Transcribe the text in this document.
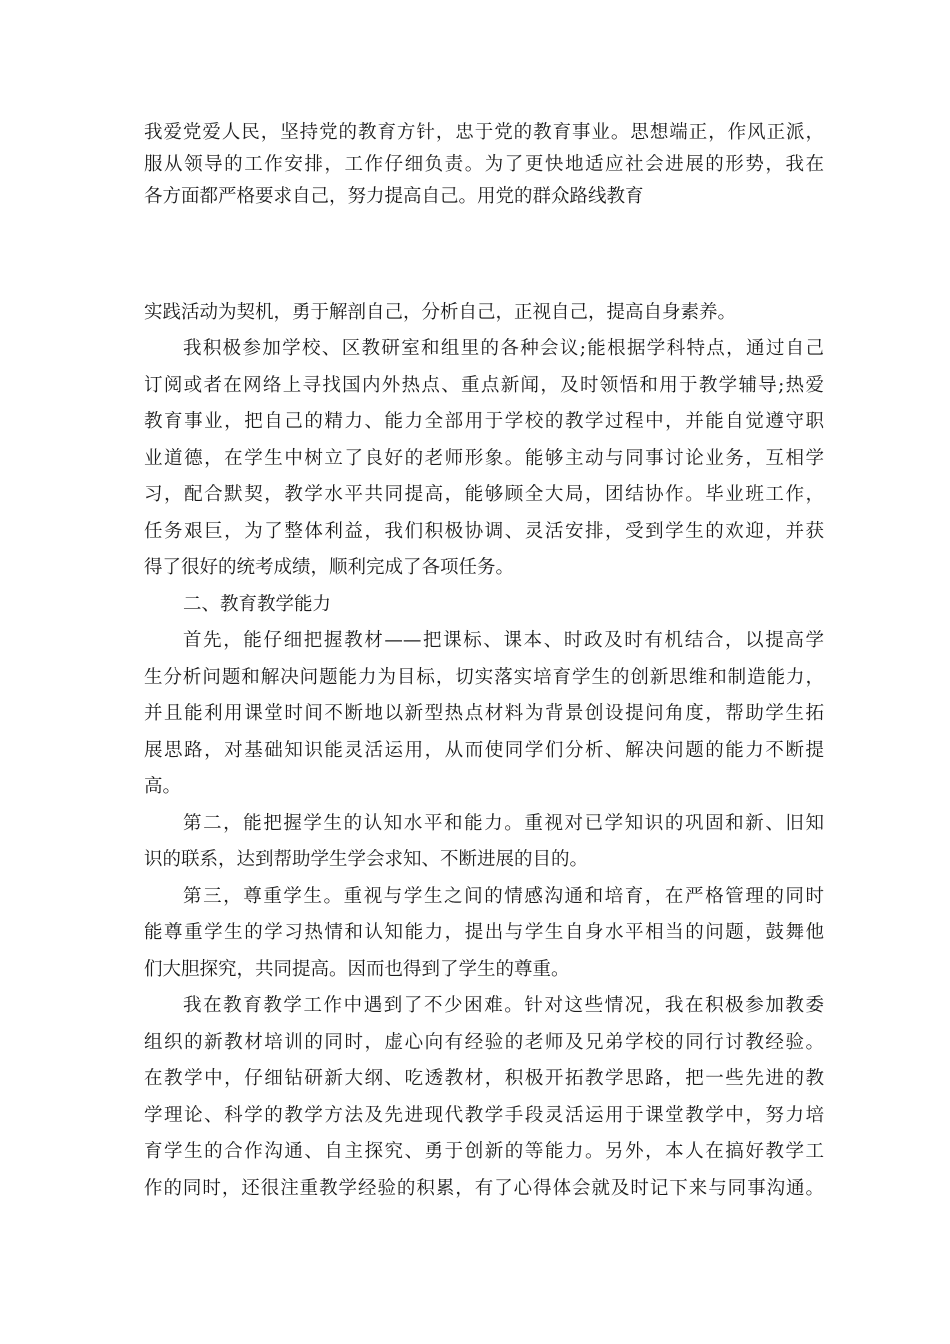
我爱党爱人民，坚持党的教育方针，忠于党的教育事业。思想端正，作风正派，
服从领导的工作安排，工作仔细负责。为了更快地适应社会进展的形势，我在
各方面都严格要求自己，努力提高自己。用党的群众路线教育
实践活动为契机，勇于解剖自己，分析自己，正视自己，提高自身素养。
我积极参加学校、区教研室和组里的各种会议;能根据学科特点，通过自己
订阅或者在网络上寻找国内外热点、重点新闻，及时领悟和用于教学辅导;热爱
教育事业，把自己的精力、能力全部用于学校的教学过程中，并能自觉遵守职
业道德，在学生中树立了良好的老师形象。能够主动与同事讨论业务，互相学
习，配合默契，教学水平共同提高，能够顾全大局，团结协作。毕业班工作，
任务艰巨，为了整体利益，我们积极协调、灵活安排，受到学生的欢迎，并获
得了很好的统考成绩，顺利完成了各项任务。
二、教育教学能力
首先，能仔细把握教材——把课标、课本、时政及时有机结合，以提高学
生分析问题和解决问题能力为目标，切实落实培育学生的创新思维和制造能力，
并且能利用课堂时间不断地以新型热点材料为背景创设提问角度，帮助学生拓
展思路，对基础知识能灵活运用，从而使同学们分析、解决问题的能力不断提
高。
第二，能把握学生的认知水平和能力。重视对已学知识的巩固和新、旧知
识的联系，达到帮助学生学会求知、不断进展的目的。
第三，尊重学生。重视与学生之间的情感沟通和培育，在严格管理的同时
能尊重学生的学习热情和认知能力，提出与学生自身水平相当的问题，鼓舞他
们大胆探究，共同提高。因而也得到了学生的尊重。
我在教育教学工作中遇到了不少困难。针对这些情况，我在积极参加教委
组织的新教材培训的同时，虚心向有经验的老师及兄弟学校的同行讨教经验。
在教学中，仔细钻研新大纲、吃透教材，积极开拓教学思路，把一些先进的教
学理论、科学的教学方法及先进现代教学手段灵活运用于课堂教学中，努力培
育学生的合作沟通、自主探究、勇于创新的等能力。另外，本人在搞好教学工
作的同时，还很注重教学经验的积累，有了心得体会就及时记下来与同事沟通。
